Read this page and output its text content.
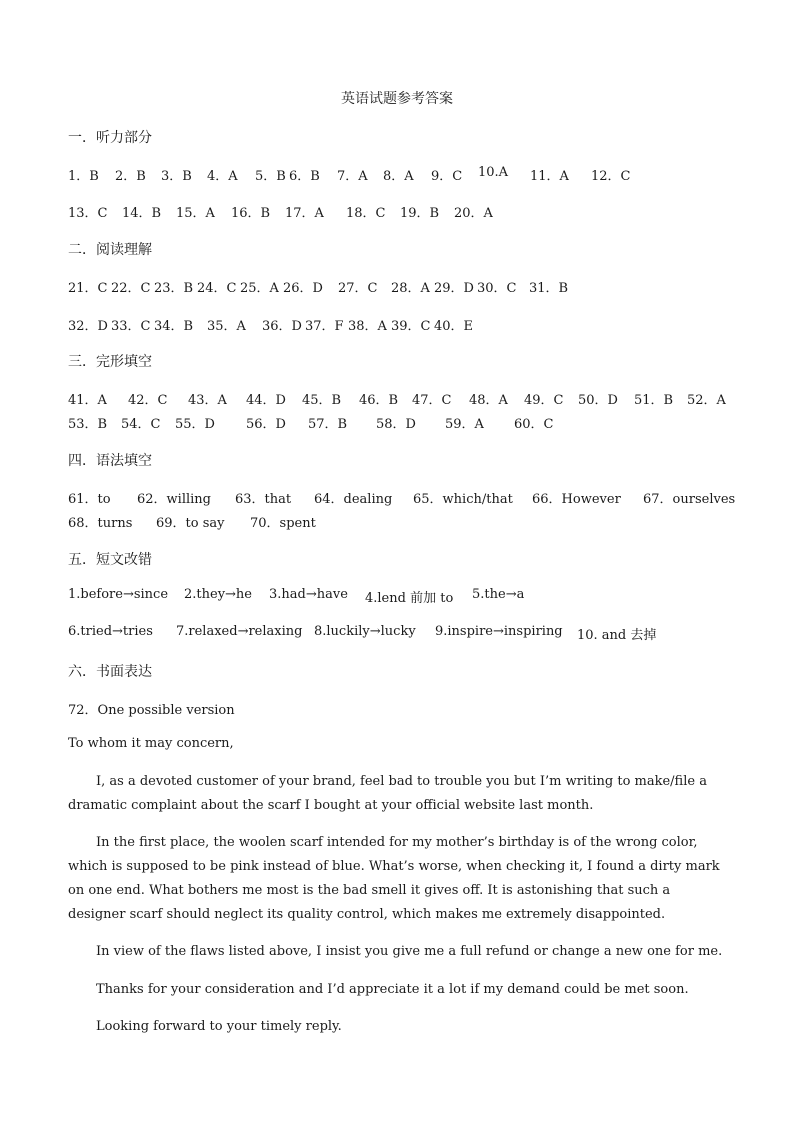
英语试题参考答案
一．听力部分
1．B 2．B 3．B 4．A 5．B 6．B 7．A 8．A 9．C 10.A 11．A 12．C
13．C 14．B 15．A 16．B 17．A 18．C 19．B 20．A
二．阅读理解
21．C 22．C 23．B 24．C 25．A 26．D 27．C 28．A 29．D 30．C 31．B
32．D 33．C 34．B 35．A 36．D 37．F 38．A 39．C 40．E
三．完形填空
41．A 42．C 43．A 44．D 45．B 46．B 47．C 48．A 49．C 50．D 51．B 52．A
53．B 54．C 55．D 56．D 57．B 58．D 59．A 60．C
四．语法填空
61．to 62．willing 63．that 64．dealing 65．which/that 66．However 67．ourselves
68．turns 69．to say 70．spent
五．短文改错
1.before→since 2.they→he 3.had→have 4.lend 前加 to 5.the→a
6.tried→tries 7.relaxed→relaxing 8.luckily→lucky 9.inspire→inspiring 10. and 去掉
六．书面表达
72．One possible version
To whom it may concern,
I, as a devoted customer of your brand, feel bad to trouble you but I’m writing to make/file a dramatic complaint about the scarf I bought at your official website last month.
In the first place, the woolen scarf intended for my mother’s birthday is of the wrong color, which is supposed to be pink instead of blue. What’s worse, when checking it, I found a dirty mark on one end. What bothers me most is the bad smell it gives off. It is astonishing that such a designer scarf should neglect its quality control, which makes me extremely disappointed.
In view of the flaws listed above, I insist you give me a full refund or change a new one for me.
Thanks for your consideration and I’d appreciate it a lot if my demand could be met soon.
Looking forward to your timely reply.
